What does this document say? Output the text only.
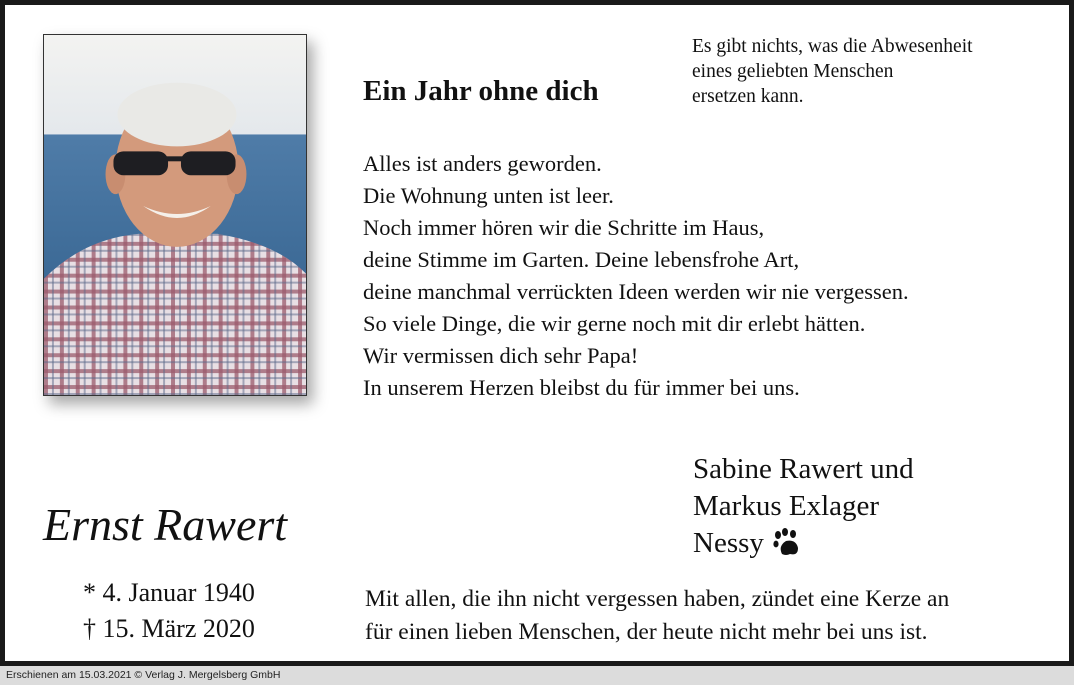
Ein Jahr ohne dich
Es gibt nichts, was die Abwesenheit
eines geliebten Menschen
ersetzen kann.
Alles ist anders geworden.
Die Wohnung unten ist leer.
Noch immer hören wir die Schritte im Haus,
deine Stimme im Garten. Deine lebensfrohe Art,
deine manchmal verrückten Ideen werden wir nie vergessen.
So viele Dinge, die wir gerne noch mit dir erlebt hätten.
Wir vermissen dich sehr Papa!
In unserem Herzen bleibst du für immer bei uns.
Sabine Rawert und
Markus Exlager
Nessy
Ernst Rawert
* 4. Januar 1940
† 15. März 2020
Mit allen, die ihn nicht vergessen haben, zündet eine Kerze an
für einen lieben Menschen, der heute nicht mehr bei uns ist.
Erschienen am 15.03.2021 © Verlag J. Mergelsberg GmbH
